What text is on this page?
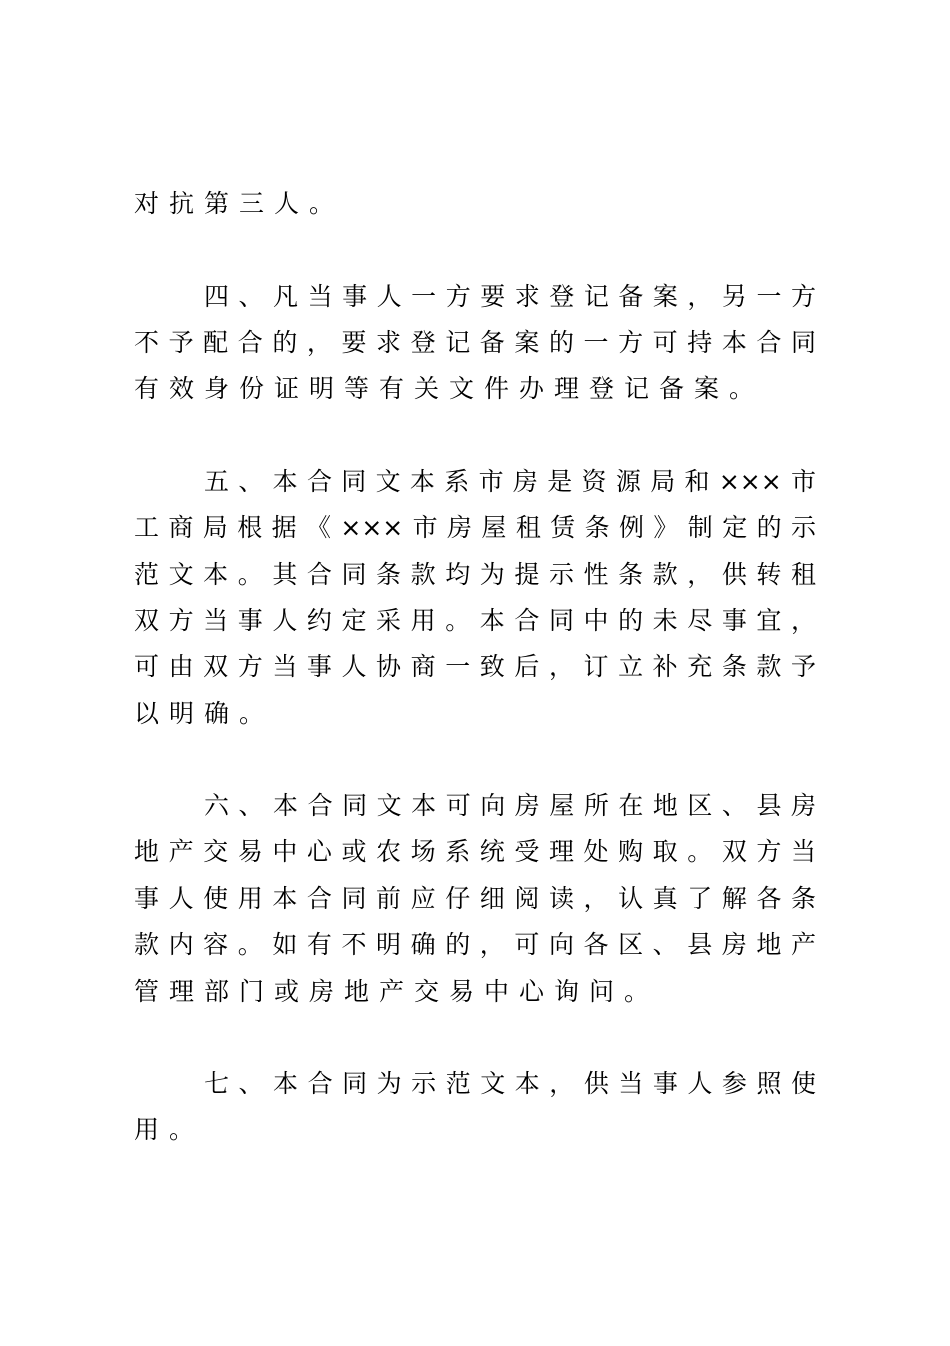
对抗第三人。
四、凡当事人一方要求登记备案，另一方
不予配合的，要求登记备案的一方可持本合同
有效身份证明等有关文件办理登记备案。
五、本合同文本系市房是资源局和×××市
工商局根据《×××市房屋租赁条例》制定的示
范文本。其合同条款均为提示性条款，供转租
双方当事人约定采用。本合同中的未尽事宜，
可由双方当事人协商一致后，订立补充条款予
以明确。
六、本合同文本可向房屋所在地区、县房
地产交易中心或农场系统受理处购取。双方当
事人使用本合同前应仔细阅读，认真了解各条
款内容。如有不明确的，可向各区、县房地产
管理部门或房地产交易中心询问。
七、本合同为示范文本，供当事人参照使
用。
